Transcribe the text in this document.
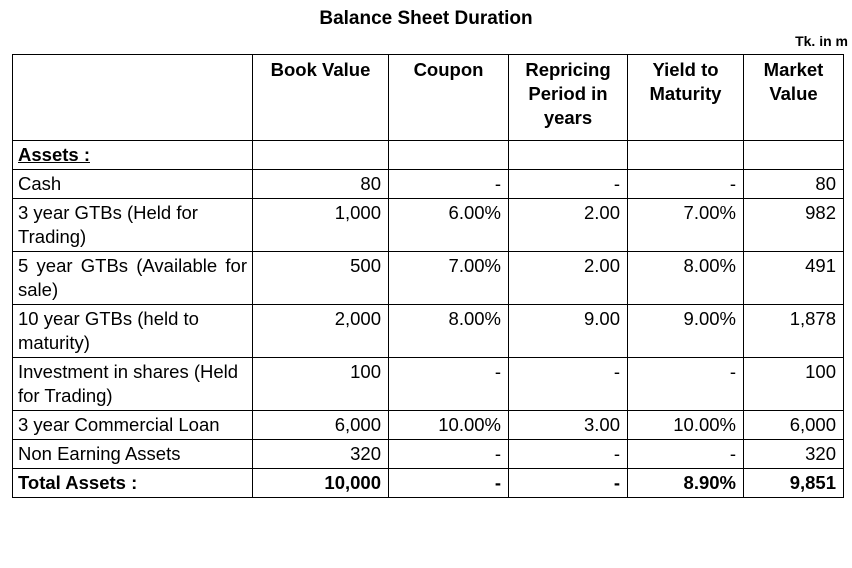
Balance Sheet Duration
Tk. in m
	Book Value	Coupon	Repricing Period in years	Yield to Maturity	Market Value
Assets :					
Cash	80	-	-	-	80
3 year GTBs (Held for Trading)	1,000	6.00%	2.00	7.00%	982
5 year GTBs (Available for sale)	500	7.00%	2.00	8.00%	491
10 year GTBs (held to maturity)	2,000	8.00%	9.00	9.00%	1,878
Investment in shares (Held for Trading)	100	-	-	-	100
3 year Commercial Loan	6,000	10.00%	3.00	10.00%	6,000
Non Earning Assets	320	-	-	-	320
Total Assets :	10,000	-	-	8.90%	9,851
